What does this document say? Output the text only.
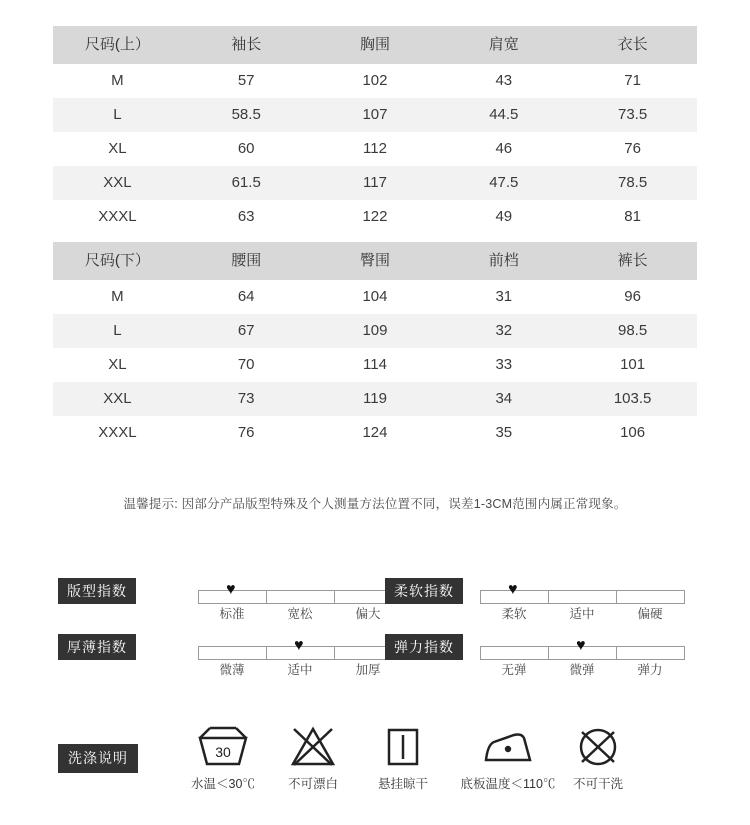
尺码(上）	袖长	胸围	肩宽	衣长
M	57	102	43	71
L	58.5	107	44.5	73.5
XL	60	112	46	76
XXL	61.5	117	47.5	78.5
XXXL	63	122	49	81
尺码(下）	腰围	臀围	前档	裤长
M	64	104	31	96
L	67	109	32	98.5
XL	70	114	33	101
XXL	73	119	34	103.5
XXXL	76	124	35	106
温馨提示: 因部分产品版型特殊及个人测量方法位置不同，误差1-3CM范围内属正常现象。
版型指数	♥
标准	宽松	偏大
柔软指数	♥
柔软	适中	偏硬
厚薄指数	♥
微薄	适中	加厚
弹力指数	♥
无弹	微弹	弹力
洗涤说明	30
水温＜30℃	不可漂白	悬挂晾干	底板温度＜110℃	不可干洗
